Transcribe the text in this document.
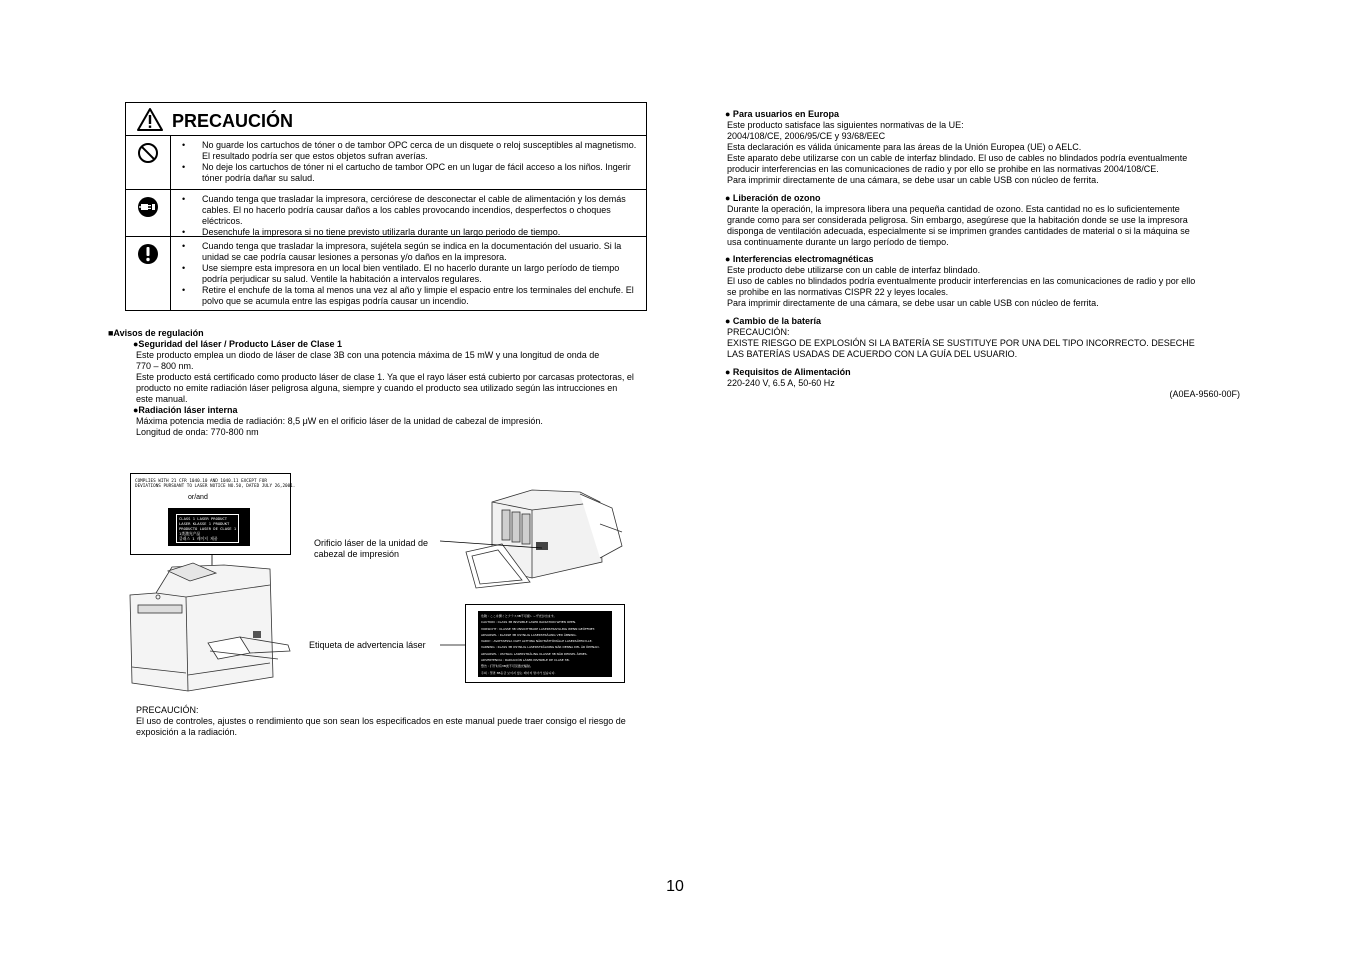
PRECAUCIÓN
• No guarde los cartuchos de tóner o de tambor OPC cerca de un disquete o reloj susceptibles al magnetismo. El resultado podría ser que estos objetos sufran averías.
• No deje los cartuchos de tóner ni el cartucho de tambor OPC en un lugar de fácil acceso a los niños. Ingerir tóner podría dañar su salud.
• Cuando tenga que trasladar la impresora, cerciórese de desconectar el cable de alimentación y los demás cables. El no hacerlo podría causar daños a los cables provocando incendios, desperfectos o choques eléctricos.
• Desenchufe la impresora si no tiene previsto utilizarla durante un largo periodo de tiempo.
• Cuando tenga que trasladar la impresora, sujétela según se indica en la documentación del usuario. Si la unidad se cae podría causar lesiones a personas y/o daños en la impresora.
• Use siempre esta impresora en un local bien ventilado. El no hacerlo durante un largo período de tiempo podría perjudicar su salud. Ventile la habitación a intervalos regulares.
• Retire el enchufe de la toma al menos una vez al año y limpie el espacio entre los terminales del enchufe. El polvo que se acumula entre las espigas podría causar un incendio.
■Avisos de regulación
●Seguridad del láser / Producto Láser de Clase 1
Este producto emplea un diodo de láser de clase 3B con una potencia máxima de 15 mW y una longitud de onda de
770 – 800 nm.
Este producto está certificado como producto láser de clase 1. Ya que el rayo láser está cubierto por carcasas protectoras, el
producto no emite radiación láser peligrosa alguna, siempre y cuando el producto sea utilizado según las intrucciones en
este manual.
●Radiación láser interna
Máxima potencia media de radiación: 8,5 μW en el orificio láser de la unidad de cabezal de impresión.
Longitud de onda: 770-800 nm
COMPLIES WITH 21 CFR 1040.10 AND 1040.11 EXCEPT FOR
DEVIATIONS PURSUANT TO LASER NOTICE NO.50, DATED JULY 26,2001.
or/and
CLASS 1 LASER PRODUCT
LASER KLASSE 1 PRODUKT
PRODUCTO LASER DE CLASE 1
1类激光产品
클래스 1 레이저 제품	Orificio láser de la unidad de
cabezal de impresión
Etiqueta de advertencia láser
危険 : ここを開くとクラス3B不可視レーザ光が出ます。
CAUTION : CLASS 3B INVISIBLE LASER RADIATION WHEN OPEN.
VORSICHT : KLASSE 3B UNSICHTBARE LASERSTRAHLUNG WENN GEÖFFNET.
ADVARSEL : KLASSE 3B USYNLIG LASERSTRÅLING VED ÅBNING.
VARO! : AVATTAESSA OLET ALTTIINA NÄKYMÄTTÖMÄLLE LASERSÄTEILYLLE.
VARNING : KLASS 3B OSYNLIG LASERSTRÅLNING NÄR DENNA DEL ÄR ÖPPNAD.
ADVARSEL : USYNLIG LASERSTRÅLING KLASSE 3B NÅR DEKSEL ÅPNES.
ADVERTENCIA : RADIACIÓN LÁSER INVISIBLE DE CLASE 3B.
警告 : 打开时有3B类不可见激光辐射。
주의 : 열면 3B등급 보이지 않는 레이저 방사가 있습니다.
PRECAUCIÓN:
El uso de controles, ajustes o rendimiento que son sean los especificados en este manual puede traer consigo el riesgo de
exposición a la radiación.
● Para usuarios en Europa
Este producto satisface las siguientes normativas de la UE:
2004/108/CE, 2006/95/CE y 93/68/EEC
Esta declaración es válida únicamente para las áreas de la Unión Europea (UE) o AELC.
Este aparato debe utilizarse con un cable de interfaz blindado. El uso de cables no blindados podría eventualmente
producir interferencias en las comunicaciones de radio y por ello se prohibe en las normativas 2004/108/CE.
Para imprimir directamente de una cámara, se debe usar un cable USB con núcleo de ferrita.
● Liberación de ozono
Durante la operación, la impresora libera una pequeña cantidad de ozono. Esta cantidad no es lo suficientemente
grande como para ser considerada peligrosa. Sin embargo, asegúrese que la habitación donde se use la impresora
disponga de ventilación adecuada, especialmente si se imprimen grandes cantidades de material o si la máquina se
usa continuamente durante un largo período de tiempo.
● Interferencias electromagnéticas
Este producto debe utilizarse con un cable de interfaz blindado.
El uso de cables no blindados podría eventualmente producir interferencias en las comunicaciones de radio y por ello
se prohibe en las normativas CISPR 22 y leyes locales.
Para imprimir directamente de una cámara, se debe usar un cable USB con núcleo de ferrita.
● Cambio de la batería
PRECAUCIÓN:
EXISTE RIESGO DE EXPLOSIÓN SI LA BATERÍA SE SUSTITUYE POR UNA DEL TIPO INCORRECTO. DESECHE
LAS BATERÍAS USADAS DE ACUERDO CON LA GUÍA DEL USUARIO.
● Requisitos de Alimentación
220-240 V, 6.5 A, 50-60 Hz
(A0EA-9560-00F)
10
